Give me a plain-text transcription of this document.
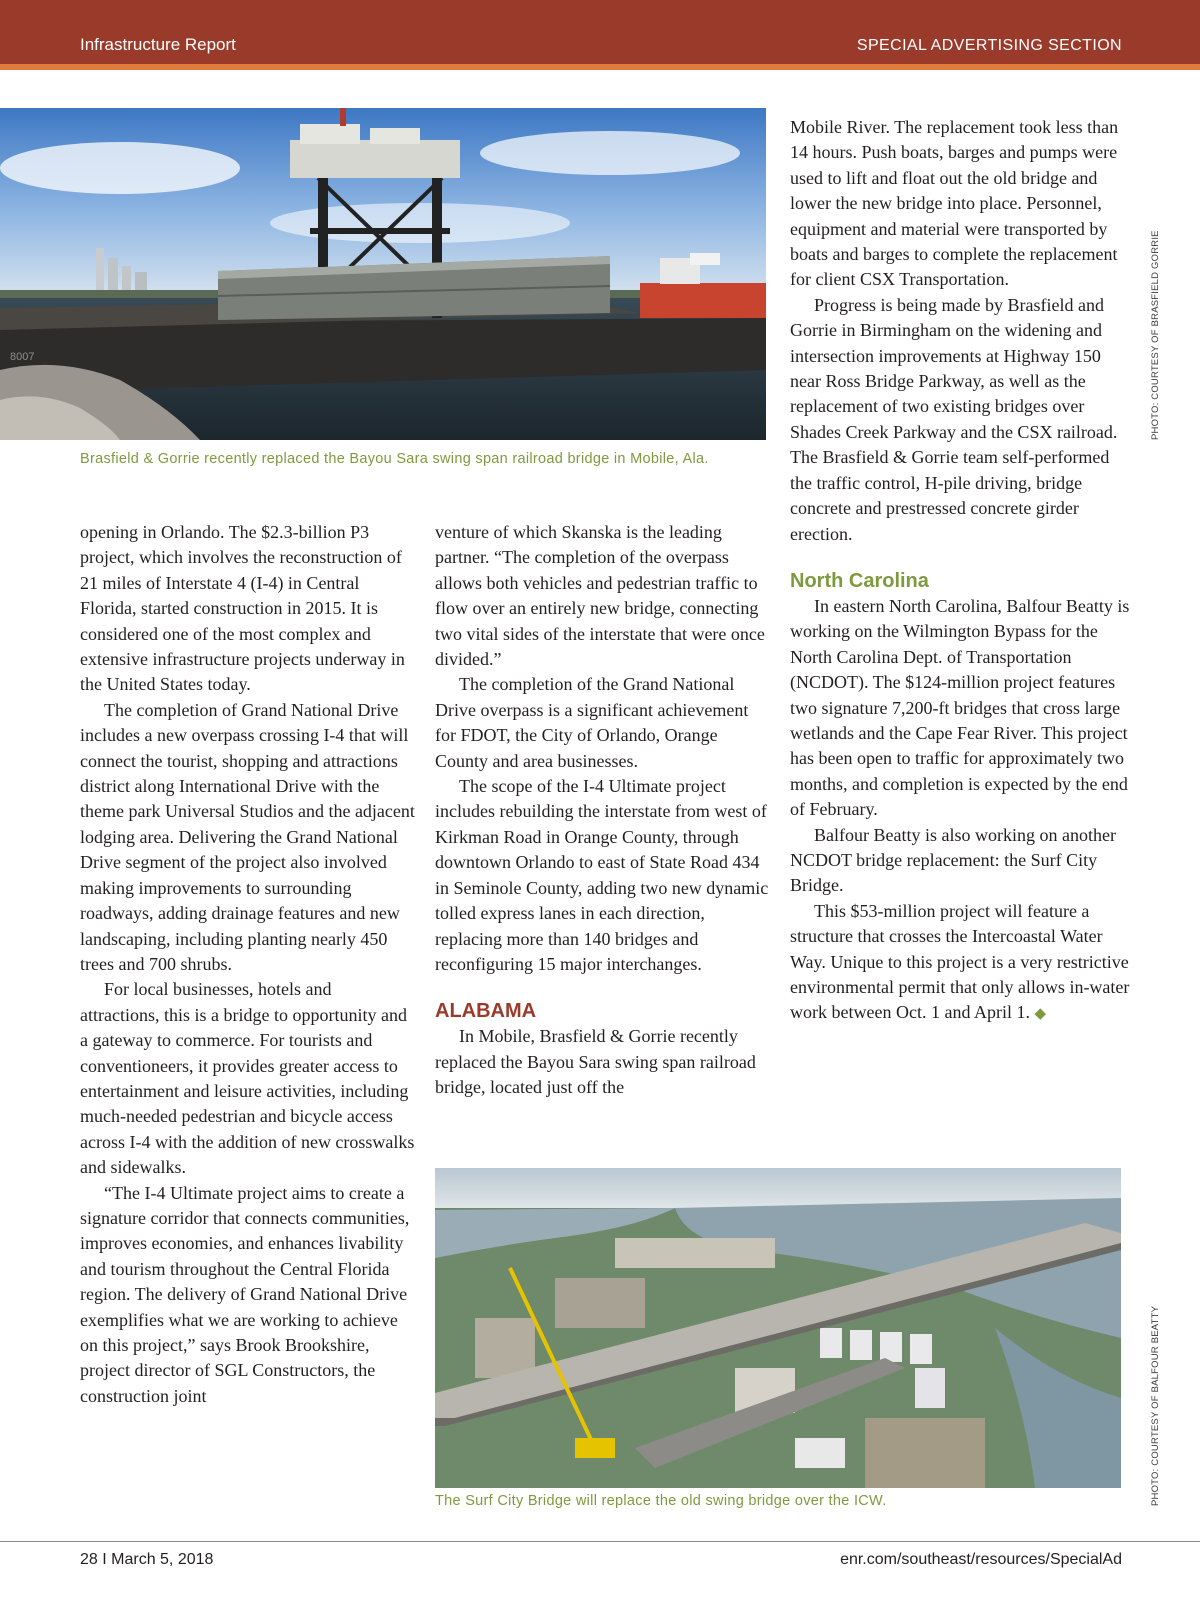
Infrastructure Report	SPECIAL ADVERTISING SECTION
8007
Brasfield & Gorrie recently replaced the Bayou Sara swing span railroad bridge in Mobile, Ala.
PHOTO: COURTESY OF BRASFIELD GORRIE

opening in Orlando. The $2.3-billion P3 project, which involves the reconstruction of 21 miles of Interstate 4 (I-4) in Central Florida, started construction in 2015. It is considered one of the most complex and extensive infrastructure projects underway in the United States today.

The completion of Grand National Drive includes a new overpass crossing I-4 that will connect the tourist, shopping and attractions district along International Drive with the theme park Universal Studios and the adjacent lodging area. Delivering the Grand National Drive segment of the project also involved making improvements to surrounding roadways, adding drainage features and new landscaping, including planting nearly 450 trees and 700 shrubs.

For local businesses, hotels and attractions, this is a bridge to opportunity and a gateway to commerce. For tourists and conventioneers, it provides greater access to entertainment and leisure activities, including much-needed pedestrian and bicycle access across I-4 with the addition of new crosswalks and sidewalks.

“The I-4 Ultimate project aims to create a signature corridor that connects communities, improves economies, and enhances livability and tourism throughout the Central Florida region. The delivery of Grand National Drive exemplifies what we are working to achieve on this project,” says Brook Brookshire, project director of SGL Constructors, the construction joint

venture of which Skanska is the leading partner. “The completion of the overpass allows both vehicles and pedestrian traffic to flow over an entirely new bridge, connecting two vital sides of the interstate that were once divided.”

The completion of the Grand National Drive overpass is a significant achievement for FDOT, the City of Orlando, Orange County and area businesses.

The scope of the I-4 Ultimate project includes rebuilding the interstate from west of Kirkman Road in Orange County, through downtown Orlando to east of State Road 434 in Seminole County, adding two new dynamic tolled express lanes in each direction, replacing more than 140 bridges and reconfiguring 15 major interchanges.

ALABAMA

In Mobile, Brasfield & Gorrie recently replaced the Bayou Sara swing span railroad bridge, located just off the

Mobile River. The replacement took less than 14 hours. Push boats, barges and pumps were used to lift and float out the old bridge and lower the new bridge into place. Personnel, equipment and material were transported by boats and barges to complete the replacement for client CSX Transportation.

Progress is being made by Brasfield and Gorrie in Birmingham on the widening and intersection improvements at Highway 150 near Ross Bridge Parkway, as well as the replacement of two existing bridges over Shades Creek Parkway and the CSX railroad. The Brasfield & Gorrie team self-performed the traffic control, H-pile driving, bridge concrete and prestressed concrete girder erection.

North Carolina

In eastern North Carolina, Balfour Beatty is working on the Wilmington Bypass for the North Carolina Dept. of Transportation (NCDOT). The $124-million project features two signature 7,200-ft bridges that cross large wetlands and the Cape Fear River. This project has been open to traffic for approximately two months, and completion is expected by the end of February.

Balfour Beatty is also working on another NCDOT bridge replacement: the Surf City Bridge.

This $53-million project will feature a structure that crosses the Intercoastal Water Way. Unique to this project is a very restrictive environmental permit that only allows in-water work between Oct. 1 and April 1. ◆

The Surf City Bridge will replace the old swing bridge over the ICW.	PHOTO: COURTESY OF BALFOUR BEATTY
28 I March 5, 2018	enr.com/southeast/resources/SpecialAd
